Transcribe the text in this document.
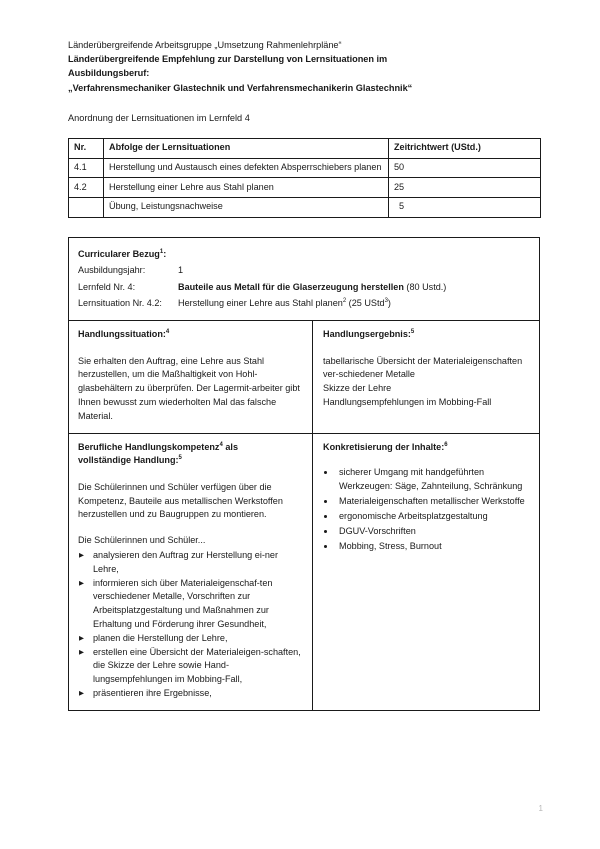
Länderübergreifende Arbeitsgruppe „Umsetzung Rahmenlehrpläne“
Länderübergreifende Empfehlung zur Darstellung von Lernsituationen im
Ausbildungsberuf:
„Verfahrensmechaniker Glastechnik und Verfahrensmechanikerin Glastechnik“
Anordnung der Lernsituationen im Lernfeld 4
Nr.	Abfolge der Lernsituationen	Zeitrichtwert (UStd.)
4.1	Herstellung und Austausch eines defekten Absperrschiebers planen	50
4.2	Herstellung einer Lehre aus Stahl planen	25
	Übung, Leistungsnachweise	5
Curricularer Bezug$^1$:
Ausbildungsjahr:	1
Lernfeld Nr. 4:	Bauteile aus Metall für die Glaserzeugung herstellen (80 Ustd.)
Lernsituation Nr. 4.2:	Herstellung einer Lehre aus Stahl planen$^2$ (25 UStd$^3$)
Handlungssituation:$^4$
Sie erhalten den Auftrag, eine Lehre aus Stahl herzustellen, um die Maßhaltigkeit von Hohl-glasbehältern zu überprüfen. Der Lagermit-arbeiter gibt Ihnen bewusst zum wiederholten Mal das falsche Material.
Handlungsergebnis:$^5$
tabellarische Übersicht der Materialeigenschaften ver-schiedener Metalle
Skizze der Lehre
Handlungsempfehlungen im Mobbing-Fall
Berufliche Handlungskompetenz$^4$ als
vollständige Handlung:$^5$
Die Schülerinnen und Schüler verfügen über die Kompetenz, Bauteile aus metallischen Werkstoffen herzustellen und zu Baugruppen zu montieren.
Die Schülerinnen und Schüler...
▶ analysieren den Auftrag zur Herstellung ei-ner Lehre,
▶ informieren sich über Materialeigenschaf-ten verschiedener Metalle, Vorschriften zur Arbeitsplatzgestaltung und Maßnahmen zur Erhaltung und Förderung ihrer Gesundheit,
▶ planen die Herstellung der Lehre,
▶ erstellen eine Übersicht der Materialeigen-schaften, die Skizze der Lehre sowie Hand-lungsempfehlungen im Mobbing-Fall,
▶ präsentieren ihre Ergebnisse,
Konkretisierung der Inhalte:$^6$
• sicherer Umgang mit handgeführten Werkzeugen: Säge, Zahnteilung, Schränkung
• Materialeigenschaften metallischer Werkstoffe
• ergonomische Arbeitsplatzgestaltung
• DGUV-Vorschriften
• Mobbing, Stress, Burnout
1
